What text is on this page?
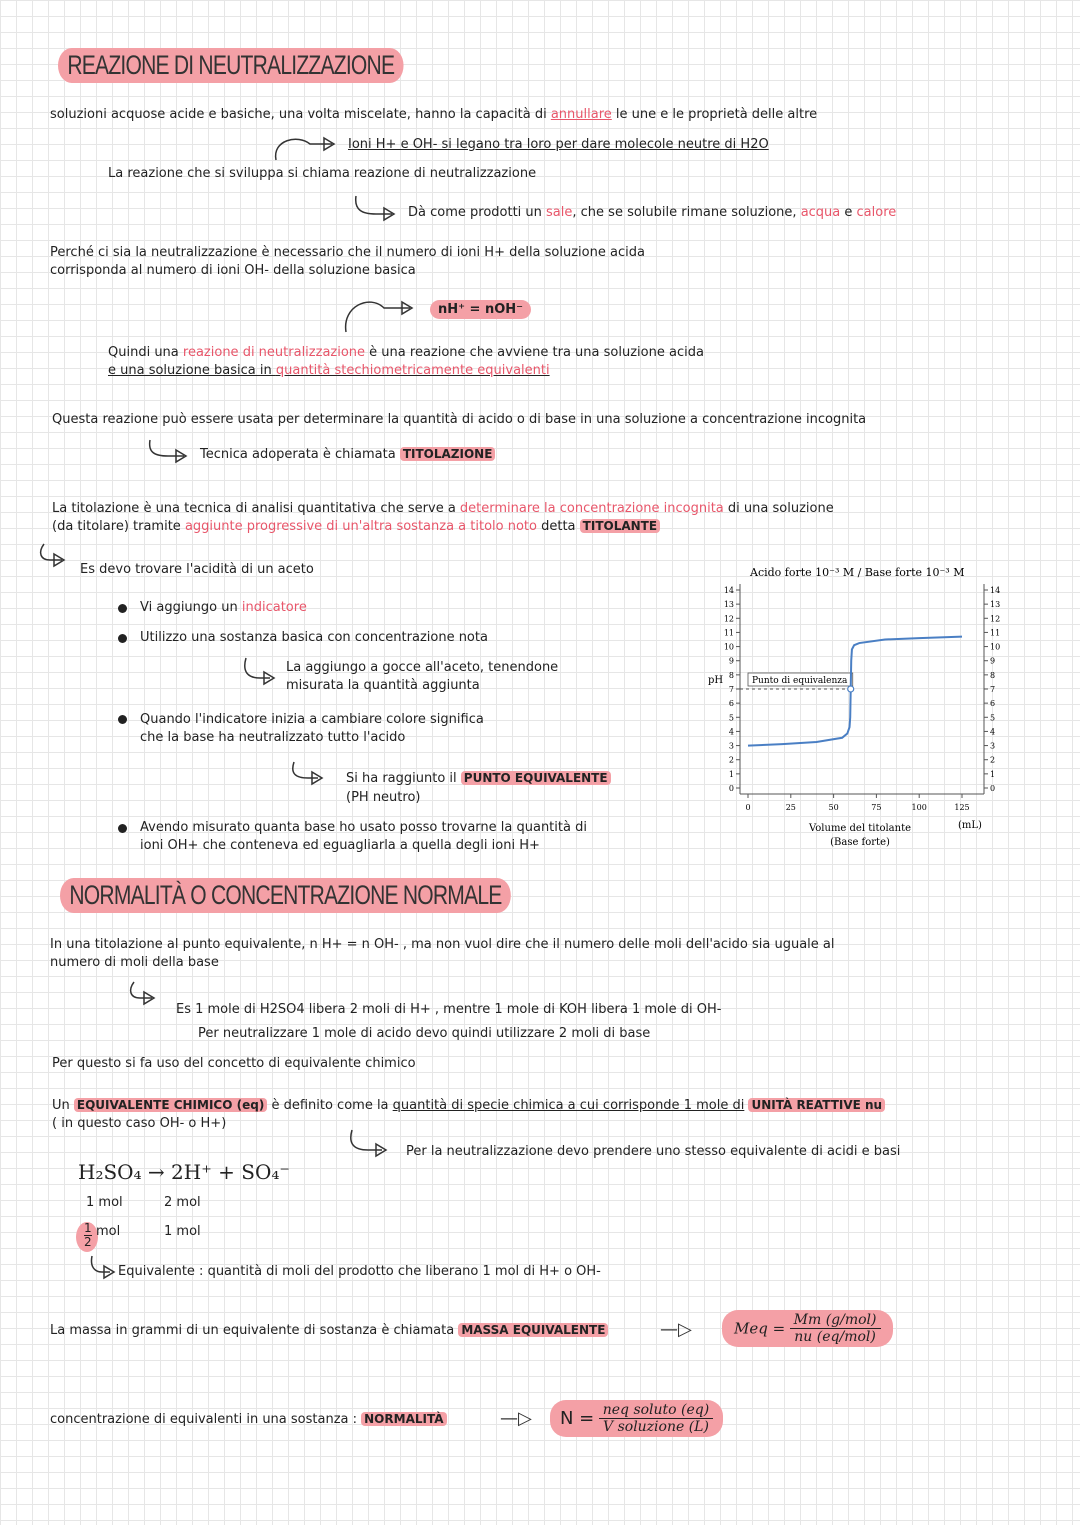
REAZIONE DI NEUTRALIZZAZIONE
soluzioni acquose acide e basiche, una volta miscelate, hanno la capacità di annullare le une e le proprietà delle altre
Ioni H+ e OH- si legano tra loro per dare molecole neutre di H2O
La reazione che si sviluppa si chiama reazione di neutralizzazione
Dà come prodotti un sale, che se solubile rimane soluzione, acqua e calore
Perché ci sia la neutralizzazione è necessario che il numero di ioni H+ della soluzione acida
corrisponda al numero di ioni OH- della soluzione basica
nH⁺ = nOH⁻
Quindi una reazione di neutralizzazione è una reazione che avviene tra una soluzione acida
e una soluzione basica in quantità stechiometricamente equivalenti
Questa reazione può essere usata per determinare la quantità di acido o di base in una soluzione a concentrazione incognita
Tecnica adoperata è chiamata TITOLAZIONE
La titolazione è una tecnica di analisi quantitativa che serve a determinare la concentrazione incognita di una soluzione
(da titolare) tramite aggiunte progressive di un'altra sostanza a titolo noto detta TITOLANTE
Es devo trovare l'acidità di un aceto
Vi aggiungo un indicatore
Utilizzo una sostanza basica con concentrazione nota
La aggiungo a gocce all'aceto, tenendone
misurata la quantità aggiunta
Quando l'indicatore inizia a cambiare colore significa
che la base ha neutralizzato tutto l'acido
Si ha raggiunto il PUNTO EQUIVALENTE
(PH neutro)
Avendo misurato quanta base ho usato posso trovarne la quantità di
ioni OH+ che conteneva ed eguagliarla a quella degli ioni H+
Acido forte 10⁻³ M / Base forte 10⁻³ M
pH
0	0
1	1
2	2
3	3
4	4
5	5
6	6
7	7
8	8
9	9
10	10
11	11
12	12
13	13
14	14
0	25	50	75	100	125
Punto di equivalenza
Volume del titolante
(Base forte)
(mL)
NORMALITÀ O CONCENTRAZIONE NORMALE
In una titolazione al punto equivalente, n H+ = n OH- , ma non vuol dire che il numero delle moli dell'acido sia uguale al
numero di moli della base
Es 1 mole di H2SO4 libera 2 moli di H+ , mentre 1 mole di KOH libera 1 mole di OH-
Per neutralizzare 1 mole di acido devo quindi utilizzare 2 moli di base
Per questo si fa uso del concetto di equivalente chimico
Un EQUIVALENTE CHIMICO (eq) è definito come la quantità di specie chimica a cui corrisponde 1 mole di UNITÀ REATTIVE nu
( in questo caso OH- o H+)
Per la neutralizzazione devo prendere uno stesso equivalente di acidi e basi
H₂SO₄ → 2H⁺ + SO₄⁻
1 mol	2 mol
$\frac{1}{2}$ mol	1 mol
Equivalente : quantità di moli del prodotto che liberano 1 mol di H+ o OH-
La massa in grammi di un equivalente di sostanza è chiamata MASSA EQUIVALENTE	—▷	Meq = $\frac{\text{Mm (g/mol)}}{\text{nu (eq/mol)}}$
concentrazione di equivalenti in una sostanza : NORMALITÀ	—▷	$N = \frac{\text{neq soluto (eq)}}{\text{V soluzione (L)}}$
